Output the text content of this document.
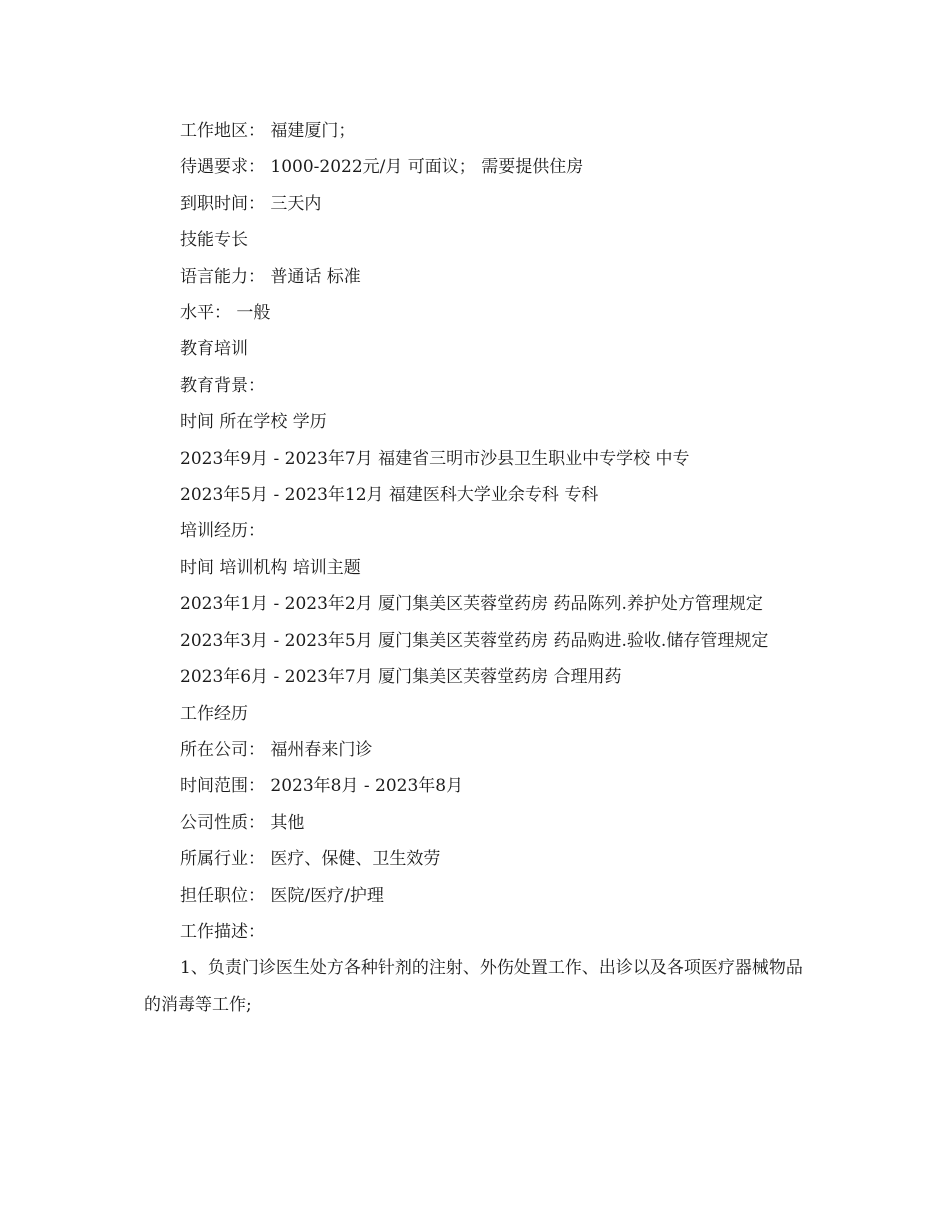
工作地区： 福建厦门；
待遇要求： 1000-2022元/月 可面议； 需要提供住房
到职时间： 三天内
技能专长
语言能力： 普通话 标准
水平： 一般
教育培训
教育背景：
时间 所在学校 学历
2023年9月 - 2023年7月 福建省三明市沙县卫生职业中专学校 中专
2023年5月 - 2023年12月 福建医科大学业余专科 专科
培训经历：
时间 培训机构 培训主题
2023年1月 - 2023年2月 厦门集美区芙蓉堂药房 药品陈列.养护处方管理规定
2023年3月 - 2023年5月 厦门集美区芙蓉堂药房 药品购进.验收.储存管理规定
2023年6月 - 2023年7月 厦门集美区芙蓉堂药房 合理用药
工作经历
所在公司： 福州春来门诊
时间范围： 2023年8月 - 2023年8月
公司性质： 其他
所属行业： 医疗、保健、卫生效劳
担任职位： 医院/医疗/护理
工作描述：
1、负责门诊医生处方各种针剂的注射、外伤处置工作、出诊以及各项医疗器械物品的消毒等工作;
